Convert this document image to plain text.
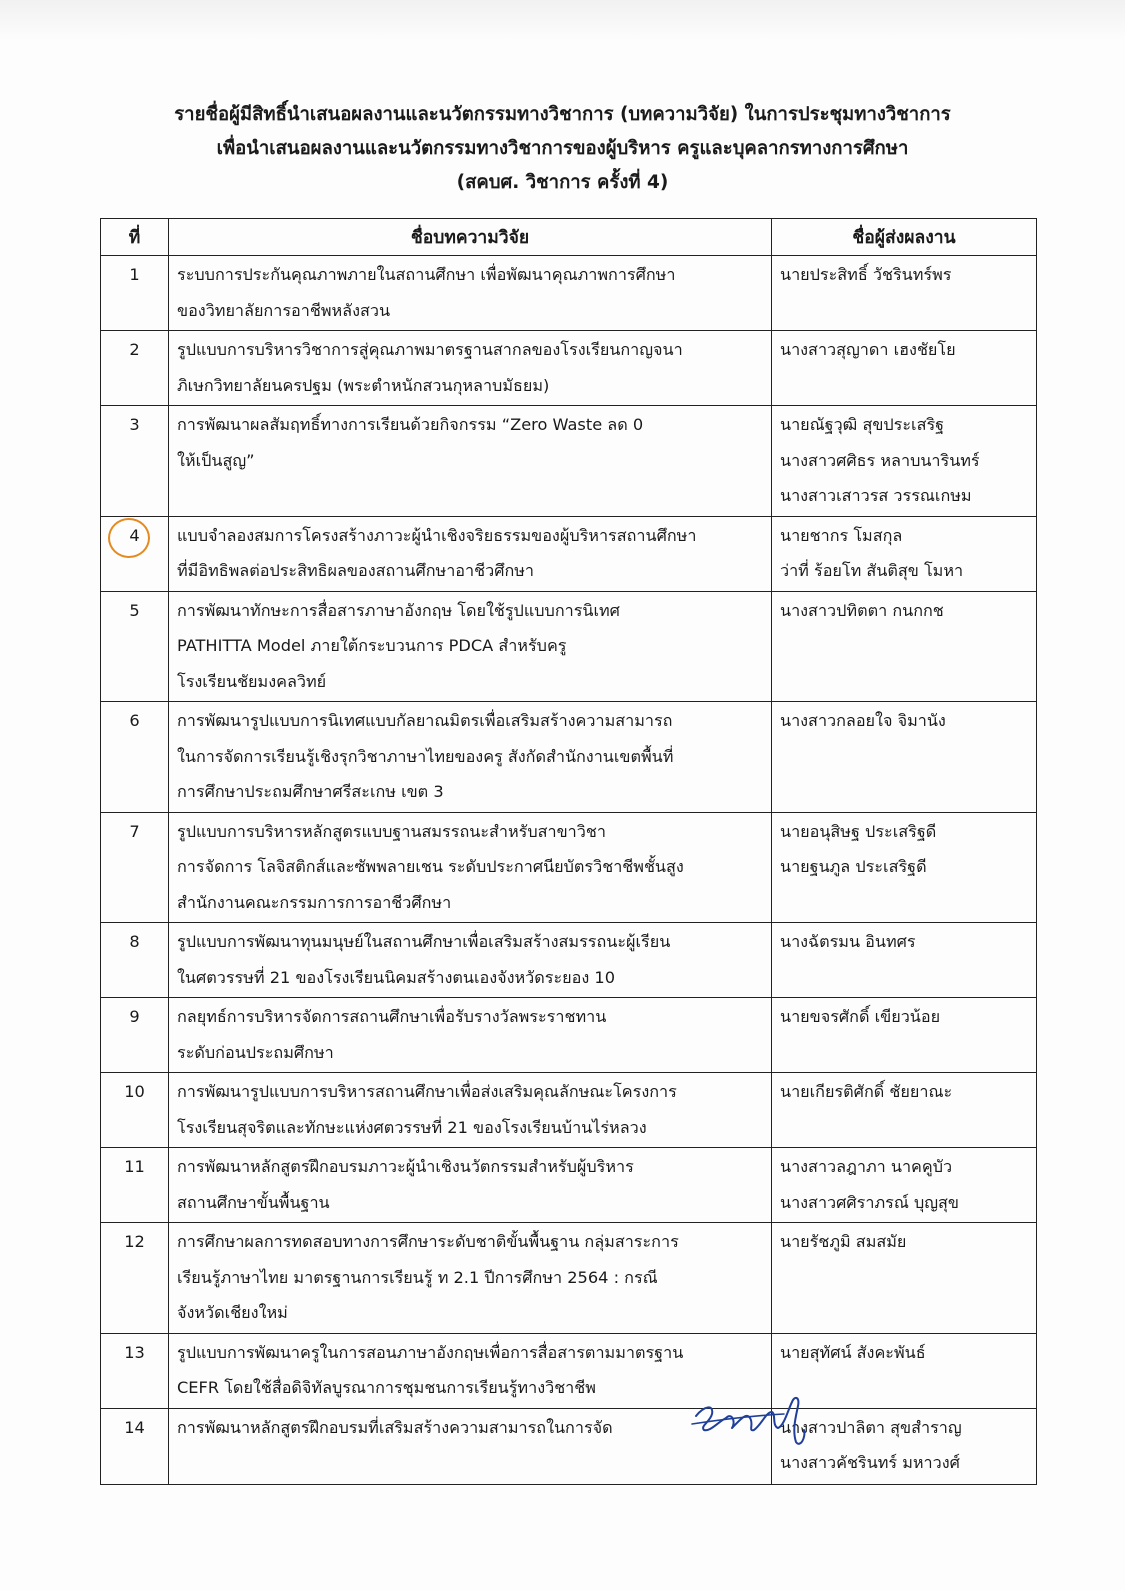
รายชื่อผู้มีสิทธิ์นำเสนอผลงานและนวัตกรรมทางวิชาการ (บทความวิจัย) ในการประชุมทางวิชาการ
เพื่อนำเสนอผลงานและนวัตกรรมทางวิชาการของผู้บริหาร ครูและบุคลากรทางการศึกษา
(สคบศ. วิชาการ ครั้งที่ 4)
ที่	ชื่อบทความวิจัย	ชื่อผู้ส่งผลงาน
1	ระบบการประกันคุณภาพภายในสถานศึกษา เพื่อพัฒนาคุณภาพการศึกษา
ของวิทยาลัยการอาชีพหลังสวน	นายประสิทธิ์ วัชรินทร์พร

2	รูปแบบการบริหารวิชาการสู่คุณภาพมาตรฐานสากลของโรงเรียนกาญจนา
ภิเษกวิทยาลัยนครปฐม (พระตำหนักสวนกุหลาบมัธยม)	นางสาวสุญาดา เฮงชัยโย

3	การพัฒนาผลสัมฤทธิ์ทางการเรียนด้วยกิจกรรม “Zero Waste ลด 0
ให้เป็นสูญ”	นายณัฐวุฒิ สุขประเสริฐ
นางสาวศศิธร หลาบนารินทร์
นางสาวเสาวรส วรรณเกษม

4	แบบจำลองสมการโครงสร้างภาวะผู้นำเชิงจริยธรรมของผู้บริหารสถานศึกษา
ที่มีอิทธิพลต่อประสิทธิผลของสถานศึกษาอาชีวศึกษา	นายชากร โมสกุล
ว่าที่ ร้อยโท สันติสุข โมหา

5	การพัฒนาทักษะการสื่อสารภาษาอังกฤษ โดยใช้รูปแบบการนิเทศ
PATHITTA Model ภายใต้กระบวนการ PDCA สำหรับครู
โรงเรียนชัยมงคลวิทย์	นางสาวปทิตตา กนกกช

6	การพัฒนารูปแบบการนิเทศแบบกัลยาณมิตรเพื่อเสริมสร้างความสามารถ
ในการจัดการเรียนรู้เชิงรุกวิชาภาษาไทยของครู สังกัดสำนักงานเขตพื้นที่
การศึกษาประถมศึกษาศรีสะเกษ เขต 3	นางสาวกลอยใจ จิมานัง

7	รูปแบบการบริหารหลักสูตรแบบฐานสมรรถนะสำหรับสาขาวิชา
การจัดการ โลจิสติกส์และซัพพลายเชน ระดับประกาศนียบัตรวิชาชีพชั้นสูง
สำนักงานคณะกรรมการการอาชีวศึกษา	นายอนุสิษฐ ประเสริฐดี
นายฐนภูล ประเสริฐดี

8	รูปแบบการพัฒนาทุนมนุษย์ในสถานศึกษาเพื่อเสริมสร้างสมรรถนะผู้เรียน
ในศตวรรษที่ 21 ของโรงเรียนนิคมสร้างตนเองจังหวัดระยอง 10	นางฉัตรมน อินทศร

9	กลยุทธ์การบริหารจัดการสถานศึกษาเพื่อรับรางวัลพระราชทาน
ระดับก่อนประถมศึกษา	นายขจรศักดิ์ เขียวน้อย

10	การพัฒนารูปแบบการบริหารสถานศึกษาเพื่อส่งเสริมคุณลักษณะโครงการ
โรงเรียนสุจริตและทักษะแห่งศตวรรษที่ 21 ของโรงเรียนบ้านไร่หลวง	นายเกียรติศักดิ์ ชัยยาณะ

11	การพัฒนาหลักสูตรฝึกอบรมภาวะผู้นำเชิงนวัตกรรมสำหรับผู้บริหาร
สถานศึกษาขั้นพื้นฐาน	นางสาวลฎาภา นาคคูบัว
นางสาวศศิราภรณ์ บุญสุข

12	การศึกษาผลการทดสอบทางการศึกษาระดับชาติขั้นพื้นฐาน กลุ่มสาระการ
เรียนรู้ภาษาไทย มาตรฐานการเรียนรู้ ท 2.1 ปีการศึกษา 2564 : กรณี
จังหวัดเชียงใหม่	นายรัชภูมิ สมสมัย

13	รูปแบบการพัฒนาครูในการสอนภาษาอังกฤษเพื่อการสื่อสารตามมาตรฐาน
CEFR โดยใช้สื่อดิจิทัลบูรณาการชุมชนการเรียนรู้ทางวิชาชีพ	นายสุทัศน์ สังคะพันธ์

14	การพัฒนาหลักสูตรฝึกอบรมที่เสริมสร้างความสามารถในการจัด	นางสาวปาลิตา สุขสำราญ
นางสาวคัชรินทร์ มหาวงศ์
